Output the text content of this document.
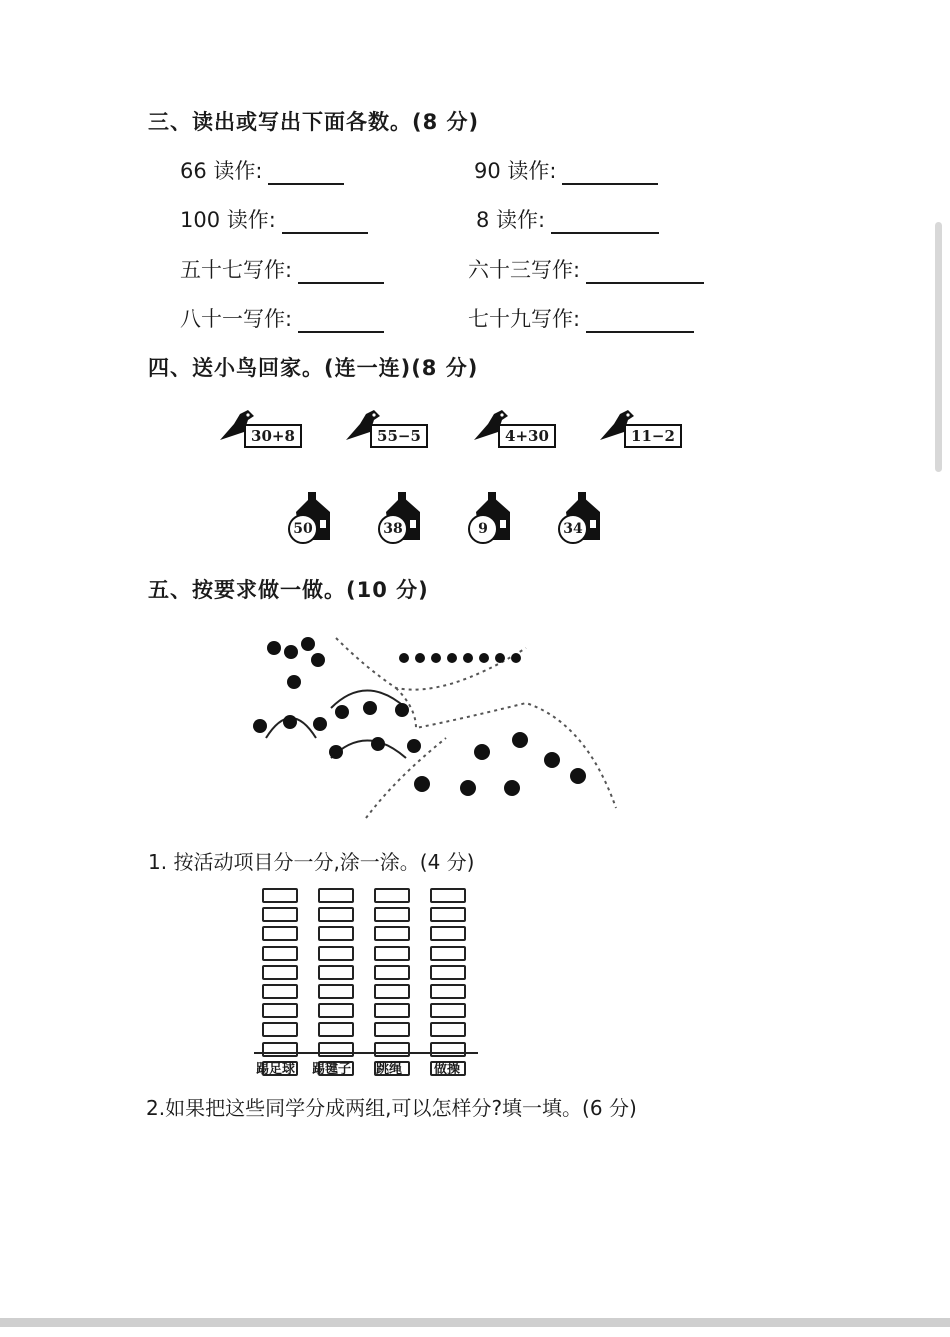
三、读出或写出下面各数。(8 分)
66 读作:	90 读作:
100 读作:	8 读作:
五十七写作:	六十三写作:
八十一写作:	七十九写作:
四、送小鸟回家。(连一连)(8 分)
30+8	55−5	4+30	11−2
50	38	9	34
五、按要求做一做。(10 分)
1. 按活动项目分一分,涂一涂。(4 分)
踢足球 踢毽子 跳绳 做操
2.如果把这些同学分成两组,可以怎样分?填一填。(6 分)
